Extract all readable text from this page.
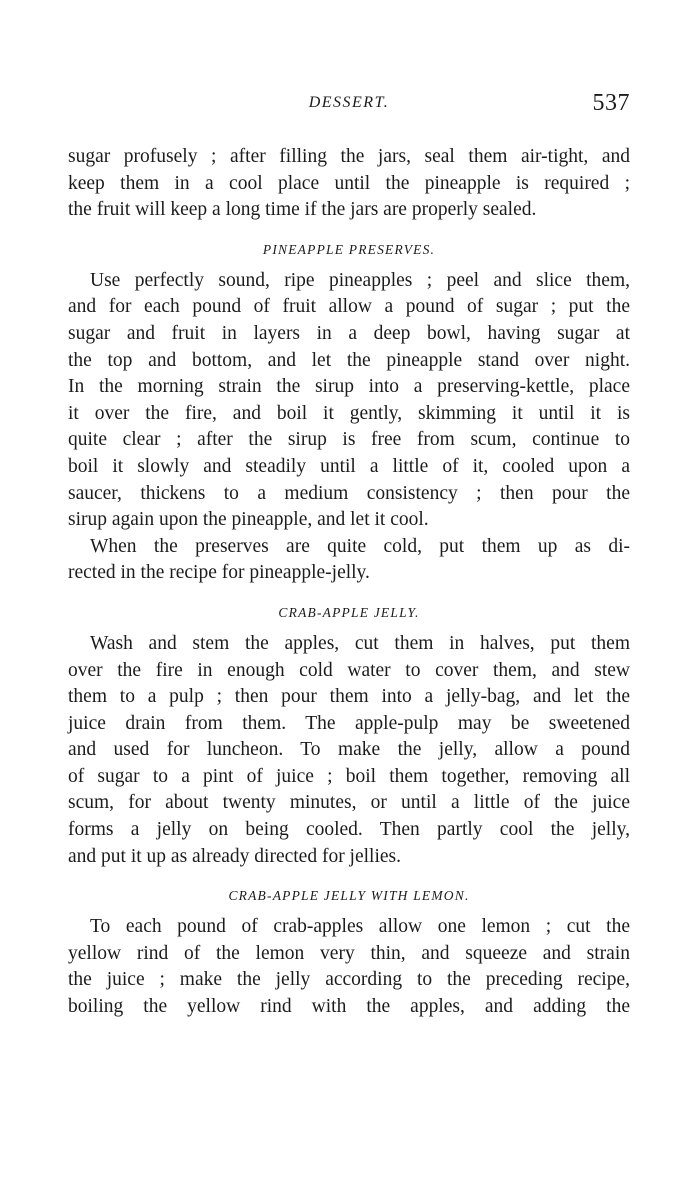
DESSERT.	537

sugar profusely ; after filling the jars, seal them air-tight, and

keep them in a cool place until the pineapple is required ;

the fruit will keep a long time if the jars are properly sealed.

PINEAPPLE PRESERVES.

Use perfectly sound, ripe pineapples ; peel and slice them,

and for each pound of fruit allow a pound of sugar ; put the

sugar and fruit in layers in a deep bowl, having sugar at

the top and bottom, and let the pineapple stand over night.

In the morning strain the sirup into a preserving-kettle, place

it over the fire, and boil it gently, skimming it until it is

quite clear ; after the sirup is free from scum, continue to

boil it slowly and steadily until a little of it, cooled upon a

saucer, thickens to a medium consistency ; then pour the

sirup again upon the pineapple, and let it cool.

When the preserves are quite cold, put them up as di-

rected in the recipe for pineapple-jelly.

CRAB-APPLE JELLY.

Wash and stem the apples, cut them in halves, put them

over the fire in enough cold water to cover them, and stew

them to a pulp ; then pour them into a jelly-bag, and let the

juice drain from them. The apple-pulp may be sweetened

and used for luncheon. To make the jelly, allow a pound

of sugar to a pint of juice ; boil them together, removing all

scum, for about twenty minutes, or until a little of the juice

forms a jelly on being cooled. Then partly cool the jelly,

and put it up as already directed for jellies.

CRAB-APPLE JELLY WITH LEMON.

To each pound of crab-apples allow one lemon ; cut the

yellow rind of the lemon very thin, and squeeze and strain

the juice ; make the jelly according to the preceding recipe,

boiling the yellow rind with the apples, and adding the
